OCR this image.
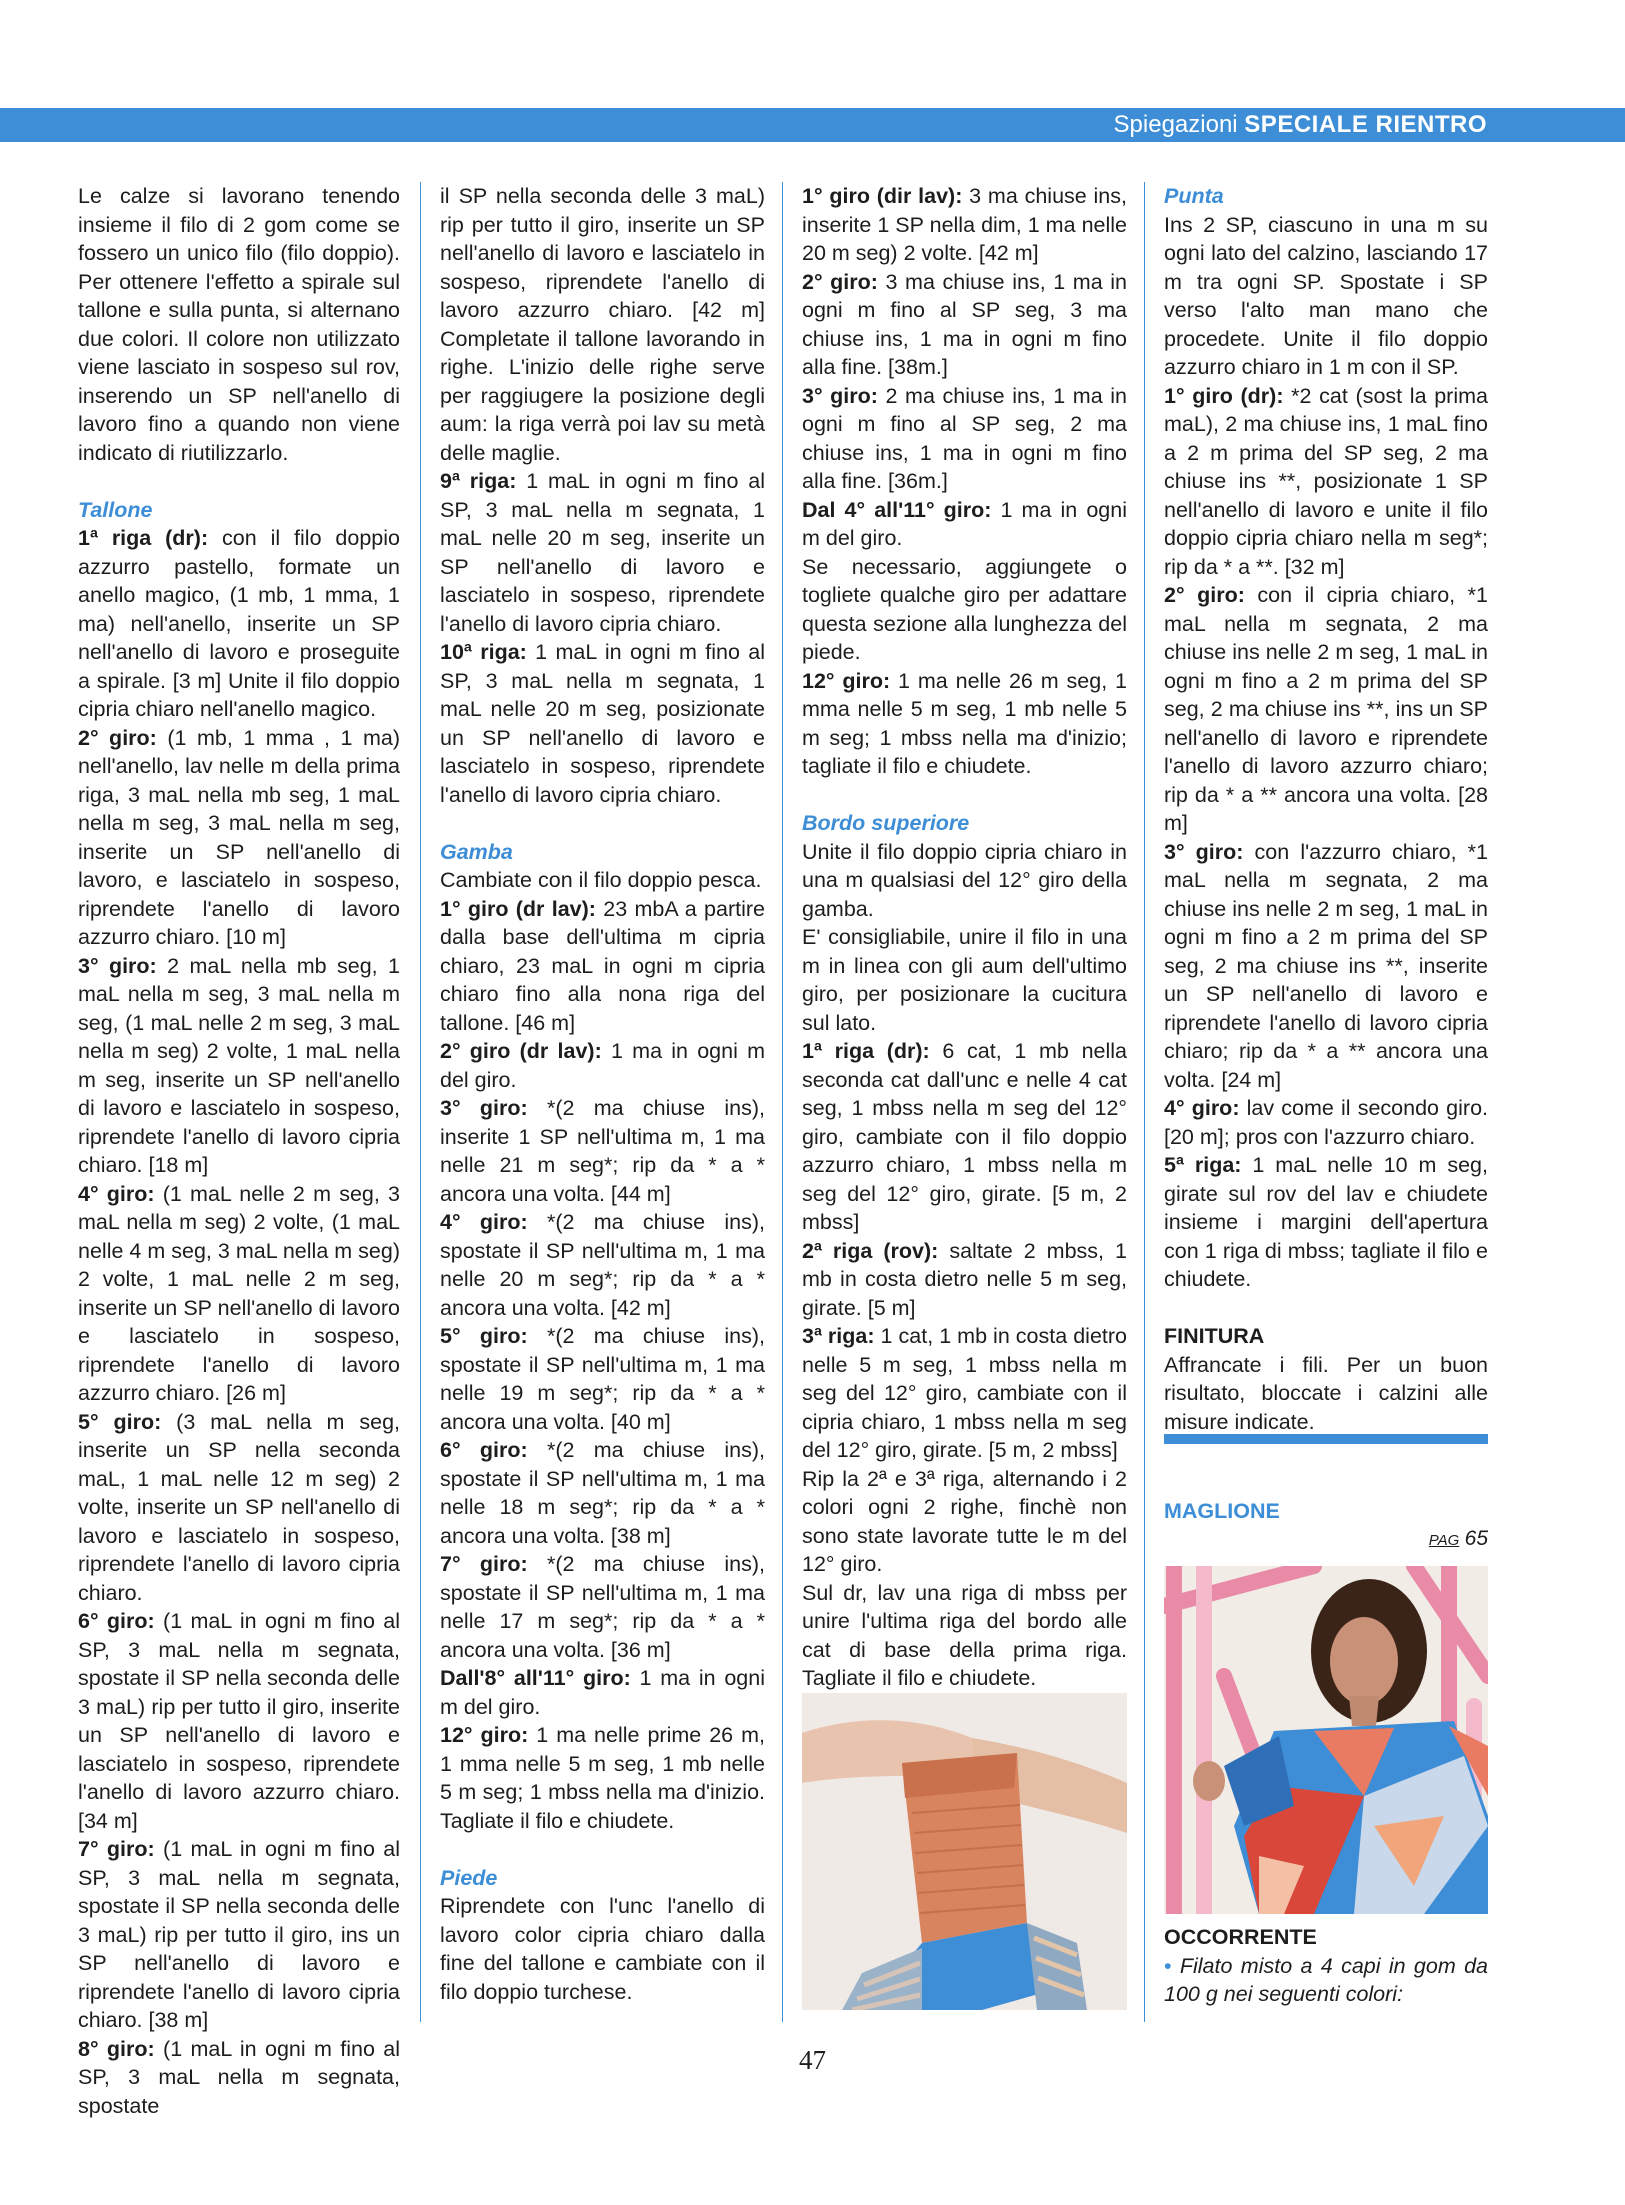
Spiegazioni SPECIALE RIENTRO

Le calze si lavorano tenendo insieme il filo di 2 gom come se fossero un unico filo (filo doppio). Per ottenere l'effetto a spirale sul tallone e sulla punta, si alternano due colori. Il colore non utilizzato viene lasciato in sospeso sul rov, inserendo un SP nell'anello di lavoro fino a quando non viene indicato di riutilizzarlo.

Tallone

1ª riga (dr): con il filo doppio azzurro pastello, formate un anello magico, (1 mb, 1 mma, 1 ma) nell'anello, inserite un SP nell'anello di lavoro e proseguite a spirale. [3 m] Unite il filo doppio cipria chiaro nell'anello magico.

2° giro: (1 mb, 1 mma , 1 ma) nell'anello, lav nelle m della prima riga, 3 maL nella mb seg, 1 maL nella m seg, 3 maL nella m seg, inserite un SP nell'anello di lavoro, e lasciatelo in sospeso, riprendete l'anello di lavoro azzurro chiaro. [10 m]

3° giro: 2 maL nella mb seg, 1 maL nella m seg, 3 maL nella m seg, (1 maL nelle 2 m seg, 3 maL nella m seg) 2 volte, 1 maL nella m seg, inserite un SP nell'anello di lavoro e lasciatelo in sospeso, riprendete l'anello di lavoro cipria chiaro. [18 m]

4° giro: (1 maL nelle 2 m seg, 3 maL nella m seg) 2 volte, (1 maL nelle 4 m seg, 3 maL nella m seg) 2 volte, 1 maL nelle 2 m seg, inserite un SP nell'anello di lavoro e lasciatelo in sospeso, riprendete l'anello di lavoro azzurro chiaro. [26 m]

5° giro: (3 maL nella m seg, inserite un SP nella seconda maL, 1 maL nelle 12 m seg) 2 volte, inserite un SP nell'anello di lavoro e lasciatelo in sospeso, riprendete l'anello di lavoro cipria chiaro.

6° giro: (1 maL in ogni m fino al SP, 3 maL nella m segnata, spostate il SP nella seconda delle 3 maL) rip per tutto il giro, inserite un SP nell'anello di lavoro e lasciatelo in sospeso, riprendete l'anello di lavoro azzurro chiaro. [34 m]

7° giro: (1 maL in ogni m fino al SP, 3 maL nella m segnata, spostate il SP nella seconda delle 3 maL) rip per tutto il giro, ins un SP nell'anello di lavoro e riprendete l'anello di lavoro cipria chiaro. [38 m]

8° giro: (1 maL in ogni m fino al SP, 3 maL nella m segnata, spostate

il SP nella seconda delle 3 maL) rip per tutto il giro, inserite un SP nell'anello di lavoro e lasciatelo in sospeso, riprendete l'anello di lavoro azzurro chiaro. [42 m] Completate il tallone lavorando in righe. L'inizio delle righe serve per raggiugere la posizione degli aum: la riga verrà poi lav su metà delle maglie.

9ª riga: 1 maL in ogni m fino al SP, 3 maL nella m segnata, 1 maL nelle 20 m seg, inserite un SP nell'anello di lavoro e lasciatelo in sospeso, riprendete l'anello di lavoro cipria chiaro.

10ª riga: 1 maL in ogni m fino al SP, 3 maL nella m segnata, 1 maL nelle 20 m seg, posizionate un SP nell'anello di lavoro e lasciatelo in sospeso, riprendete l'anello di lavoro cipria chiaro.

Gamba

Cambiate con il filo doppio pesca.

1° giro (dr lav): 23 mbA a partire dalla base dell'ultima m cipria chiaro, 23 maL in ogni m cipria chiaro fino alla nona riga del tallone. [46 m]

2° giro (dr lav): 1 ma in ogni m del giro.

3° giro: *(2 ma chiuse ins), inserite 1 SP nell'ultima m, 1 ma nelle 21 m seg*; rip da * a * ancora una volta. [44 m]

4° giro: *(2 ma chiuse ins), spostate il SP nell'ultima m, 1 ma nelle 20 m seg*; rip da * a * ancora una volta. [42 m]

5° giro: *(2 ma chiuse ins), spostate il SP nell'ultima m, 1 ma nelle 19 m seg*; rip da * a * ancora una volta. [40 m]

6° giro: *(2 ma chiuse ins), spostate il SP nell'ultima m, 1 ma nelle 18 m seg*; rip da * a * ancora una volta. [38 m]

7° giro: *(2 ma chiuse ins), spostate il SP nell'ultima m, 1 ma nelle 17 m seg*; rip da * a * ancora una volta. [36 m]

Dall'8° all'11° giro: 1 ma in ogni m del giro.

12° giro: 1 ma nelle prime 26 m, 1 mma nelle 5 m seg, 1 mb nelle 5 m seg; 1 mbss nella ma d'inizio. Tagliate il filo e chiudete.

Piede

Riprendete con l'unc l'anello di lavoro color cipria chiaro dalla fine del tallone e cambiate con il filo doppio turchese.

1° giro (dir lav): 3 ma chiuse ins, inserite 1 SP nella dim, 1 ma nelle 20 m seg) 2 volte. [42 m]

2° giro: 3 ma chiuse ins, 1 ma in ogni m fino al SP seg, 3 ma chiuse ins, 1 ma in ogni m fino alla fine. [38m.]

3° giro: 2 ma chiuse ins, 1 ma in ogni m fino al SP seg, 2 ma chiuse ins, 1 ma in ogni m fino alla fine. [36m.]

Dal 4° all'11° giro: 1 ma in ogni m del giro.

Se necessario, aggiungete o togliete qualche giro per adattare questa sezione alla lunghezza del piede.

12° giro: 1 ma nelle 26 m seg, 1 mma nelle 5 m seg, 1 mb nelle 5 m seg; 1 mbss nella ma d'inizio; tagliate il filo e chiudete.

Bordo superiore

Unite il filo doppio cipria chiaro in una m qualsiasi del 12° giro della gamba.

E' consigliabile, unire il filo in una m in linea con gli aum dell'ultimo giro, per posizionare la cucitura sul lato.

1ª riga (dr): 6 cat, 1 mb nella seconda cat dall'unc e nelle 4 cat seg, 1 mbss nella m seg del 12° giro, cambiate con il filo doppio azzurro chiaro, 1 mbss nella m seg del 12° giro, girate. [5 m, 2 mbss]

2ª riga (rov): saltate 2 mbss, 1 mb in costa dietro nelle 5 m seg, girate. [5 m]

3ª riga: 1 cat, 1 mb in costa dietro nelle 5 m seg, 1 mbss nella m seg del 12° giro, cambiate con il cipria chiaro, 1 mbss nella m seg del 12° giro, girate. [5 m, 2 mbss]

Rip la 2ª e 3ª riga, alternando i 2 colori ogni 2 righe, finchè non sono state lavorate tutte le m del 12° giro.

Sul dr, lav una riga di mbss per unire l'ultima riga del bordo alle cat di base della prima riga. Tagliate il filo e chiudete.

Punta

Ins 2 SP, ciascuno in una m su ogni lato del calzino, lasciando 17 m tra ogni SP. Spostate i SP verso l'alto man mano che procedete. Unite il filo doppio azzurro chiaro in 1 m con il SP.

1° giro (dr): *2 cat (sost la prima maL), 2 ma chiuse ins, 1 maL fino a 2 m prima del SP seg, 2 ma chiuse ins **, posizionate 1 SP nell'anello di lavoro e unite il filo doppio cipria chiaro nella m seg*; rip da * a **. [32 m]

2° giro: con il cipria chiaro, *1 maL nella m segnata, 2 ma chiuse ins nelle 2 m seg, 1 maL in ogni m fino a 2 m prima del SP seg, 2 ma chiuse ins **, ins un SP nell'anello di lavoro e riprendete l'anello di lavoro azzurro chiaro; rip da * a ** ancora una volta. [28 m]

3° giro: con l'azzurro chiaro, *1 maL nella m segnata, 2 ma chiuse ins nelle 2 m seg, 1 maL in ogni m fino a 2 m prima del SP seg, 2 ma chiuse ins **, inserite un SP nell'anello di lavoro e riprendete l'anello di lavoro cipria chiaro; rip da * a ** ancora una volta. [24 m]

4° giro: lav come il secondo giro. [20 m]; pros con l'azzurro chiaro.

5ª riga: 1 maL nelle 10 m seg, girate sul rov del lav e chiudete insieme i margini dell'apertura con 1 riga di mbss; tagliate il filo e chiudete.

FINITURA

Affrancate i fili. Per un buon risultato, bloccate i calzini alle misure indicate.

MAGLIONE
PAG 65

OCCORRENTE

• Filato misto a 4 capi in gom da 100 g nei seguenti colori:

47
